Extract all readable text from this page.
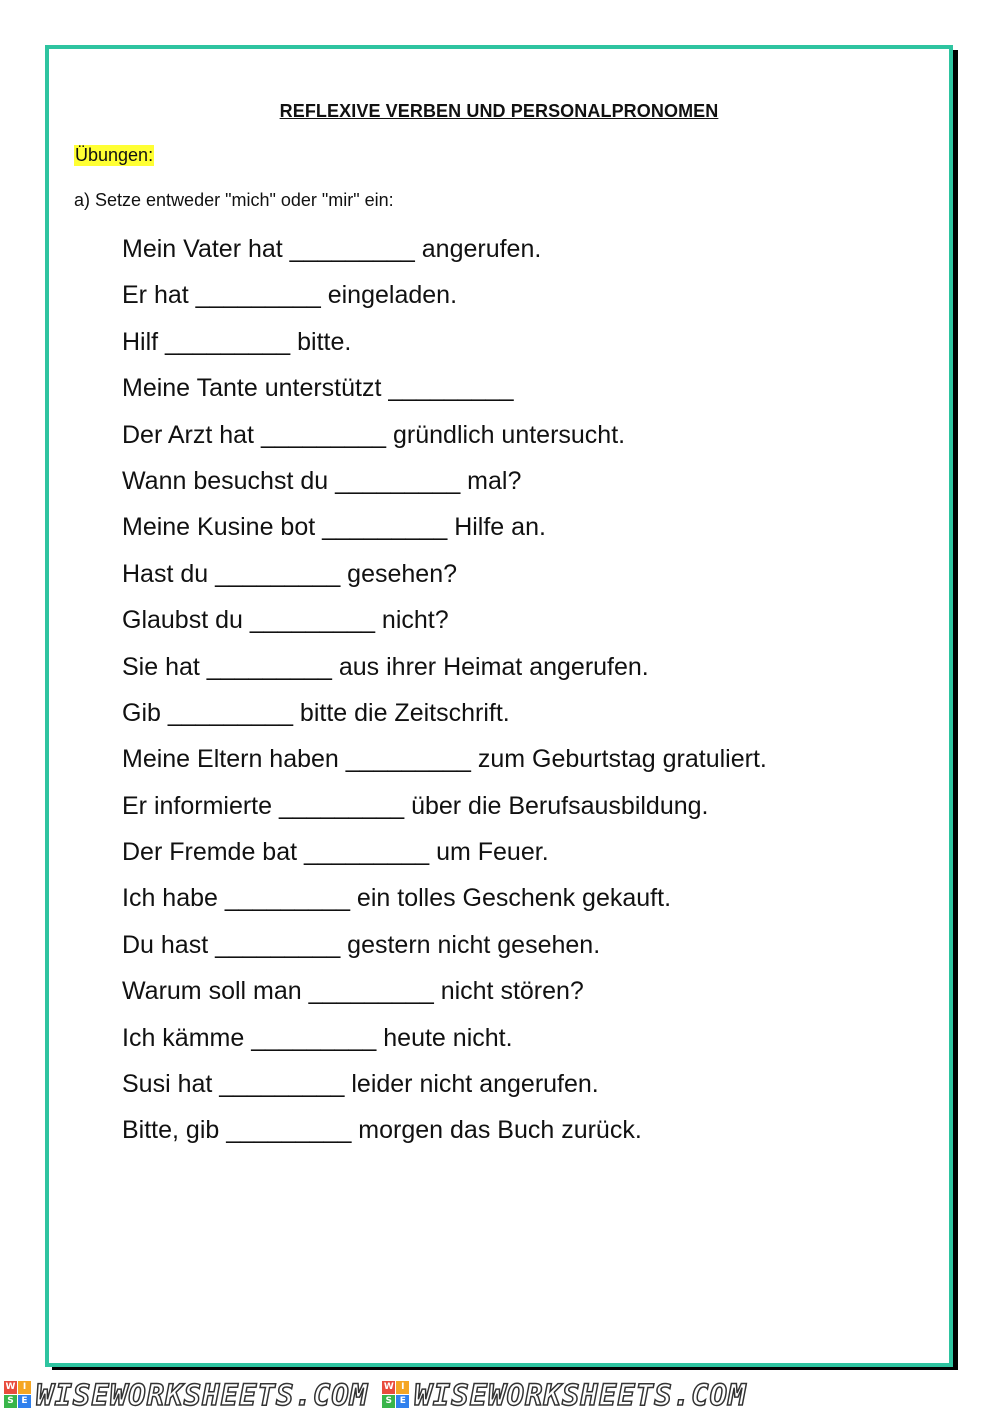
REFLEXIVE VERBEN UND PERSONALPRONOMEN
Übungen:
a) Setze entweder "mich" oder "mir" ein:
Mein Vater hat _________ angerufen.
Er hat _________ eingeladen.
Hilf _________ bitte.
Meine Tante unterstützt _________
Der Arzt hat _________ gründlich untersucht.
Wann besuchst du _________ mal?
Meine Kusine bot _________ Hilfe an.
Hast du _________ gesehen?
Glaubst du _________ nicht?
Sie hat _________ aus ihrer Heimat angerufen.
Gib _________ bitte die Zeitschrift.
Meine Eltern haben _________ zum Geburtstag gratuliert.
Er informierte _________ über die Berufsausbildung.
Der Fremde bat _________ um Feuer.
Ich habe _________ ein tolles Geschenk gekauft.
Du hast _________ gestern nicht gesehen.
Warum soll man _________ nicht stören?
Ich kämme _________ heute nicht.
Susi hat _________ leider nicht angerufen.
Bitte, gib _________ morgen das Buch zurück.
W I
S E WISEWORKSHEETS.COM W I
S E WISEWORKSHEETS.COM
